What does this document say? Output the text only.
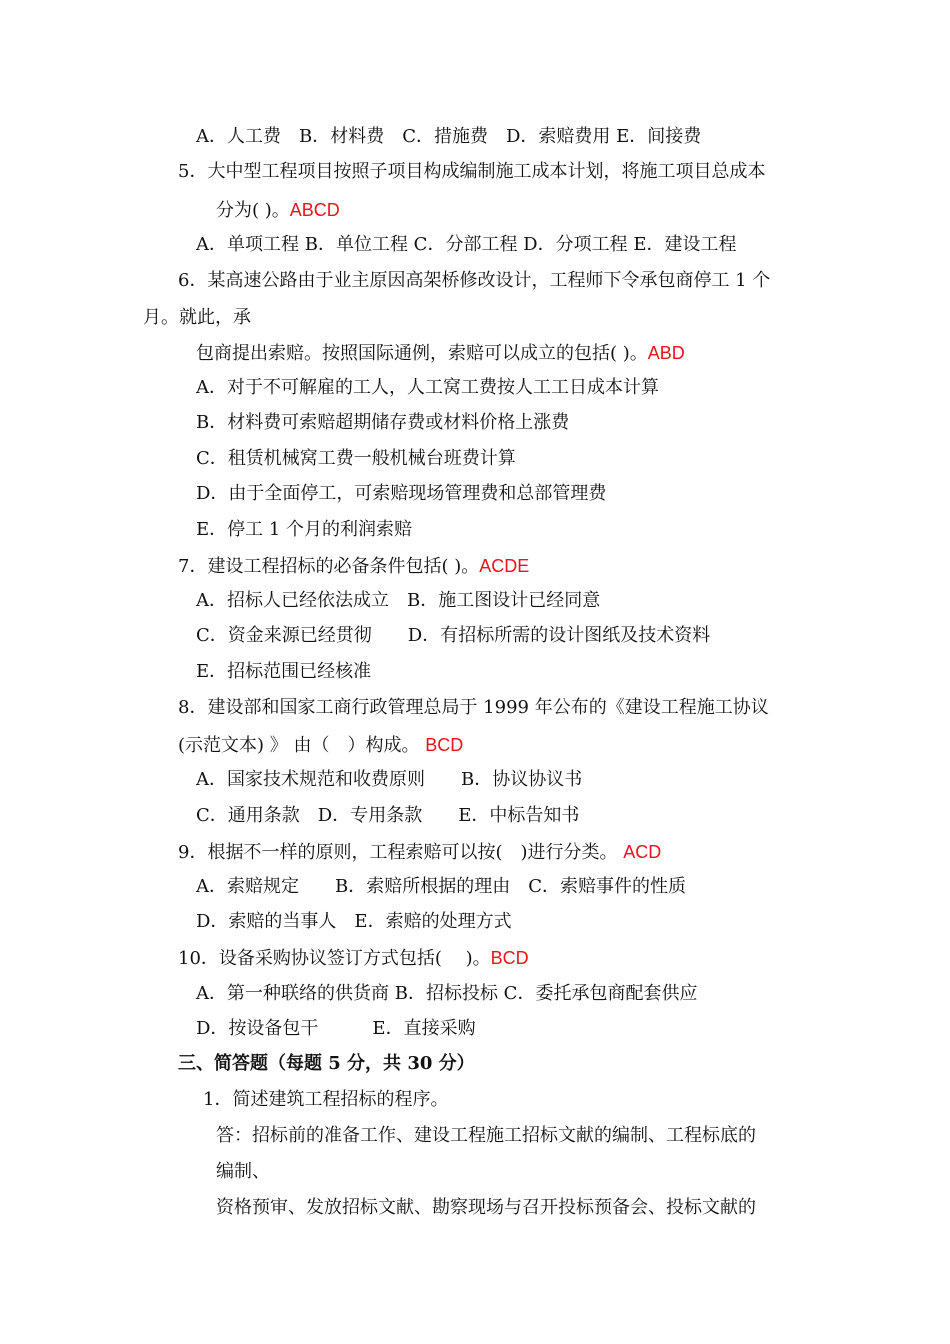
A．人工费　B．材料费　C．措施费　D．索赔费用 E．间接费
5．大中型工程项目按照子项目构成编制施工成本计划，将施工项目总成本
分为( )。ABCD
A．单项工程 B．单位工程 C．分部工程 D．分项工程 E．建设工程
6．某高速公路由于业主原因高架桥修改设计，工程师下令承包商停工 1 个
月。就此，承
包商提出索赔。按照国际通例，索赔可以成立的包括( )。ABD
A．对于不可解雇的工人，人工窝工费按人工工日成本计算
B．材料费可索赔超期储存费或材料价格上涨费
C．租赁机械窝工费一般机械台班费计算
D．由于全面停工，可索赔现场管理费和总部管理费
E．停工 1 个月的利润索赔
7．建设工程招标的必备条件包括( )。ACDE
A．招标人已经依法成立　B．施工图设计已经同意
C．资金来源已经贯彻　　D．有招标所需的设计图纸及技术资料
E．招标范围已经核准
8．建设部和国家工商行政管理总局于 1999 年公布的《建设工程施工协议
(示范文本) 》 由（　）构成。 BCD
A．国家技术规范和收费原则　　B．协议协议书
C．通用条款　D．专用条款　　E．中标告知书
9．根据不一样的原则，工程索赔可以按(　)进行分类。 ACD
A．索赔规定　　B．索赔所根据的理由　C．索赔事件的性质
D．索赔的当事人　E．索赔的处理方式
10．设备采购协议签订方式包括(　 )。BCD
A．第一种联络的供货商 B．招标投标 C．委托承包商配套供应
D．按设备包干　　　E．直接采购
三、简答题（每题 5 分，共 30 分）
1．简述建筑工程招标的程序。
答：招标前的准备工作、建设工程施工招标文献的编制、工程标底的
编制、
资格预审、发放招标文献、勘察现场与召开投标预备会、投标文献的
